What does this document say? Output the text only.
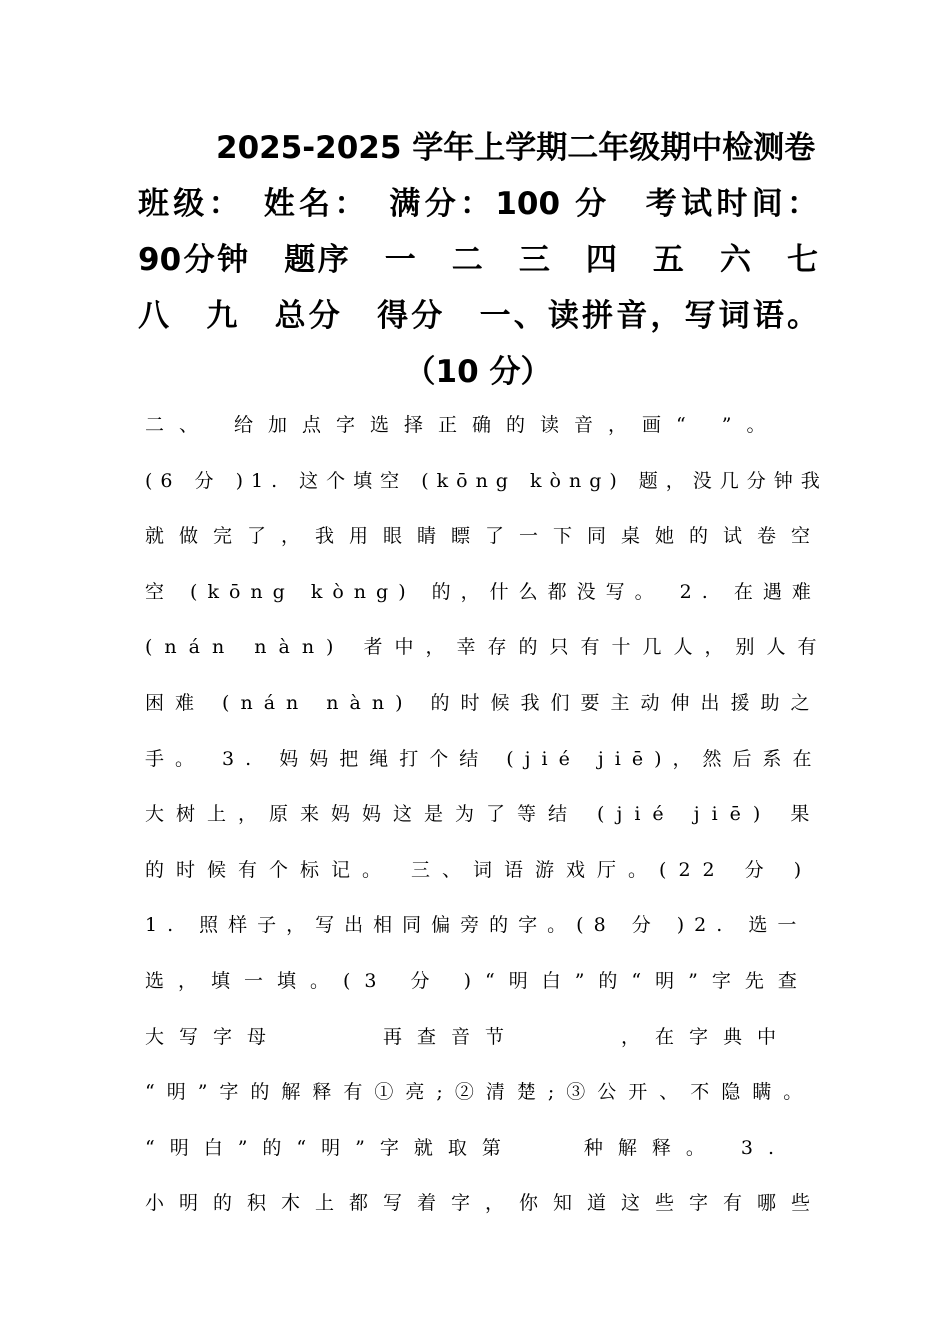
2025-2025 学年上学期二年级期中检测卷
班级：　姓名：　满分：100 分　考试时间：
90分钟　题序　一　二　三　四　五　六　七
八　九　总分　得分　一、读拼音，写词语。
（10 分）
二、 给加点字选择正确的读音，画“ ”。
(6 分 )1. 这个填空 (kōng kòng) 题，没几分钟我
就做完了，我用眼睛瞟了一下同桌她的试卷空
空 (kōng kòng) 的，什么都没写。 2. 在遇难
(nán nàn) 者中，幸存的只有十几人，别人有
困难 (nán nàn) 的时候我们要主动伸出援助之
手。 3. 妈妈把绳打个结 (jié jiē)，然后系在
大树上，原来妈妈这是为了等结 (jié jiē) 果
的时候有个标记。 三、词语游戏厅。(22 分 )
1. 照样子，写出相同偏旁的字。(8 分 )2. 选一
选，填一填。(3 分 )“明白”的“明”字先查
大写字母　　　再查音节　　　，在字典中
“明”字的解释有①亮;②清楚;③公开、不隐瞒。
“明白”的“明”字就取第　　种解释。 3.
小明的积木上都写着字，你知道这些字有哪些
